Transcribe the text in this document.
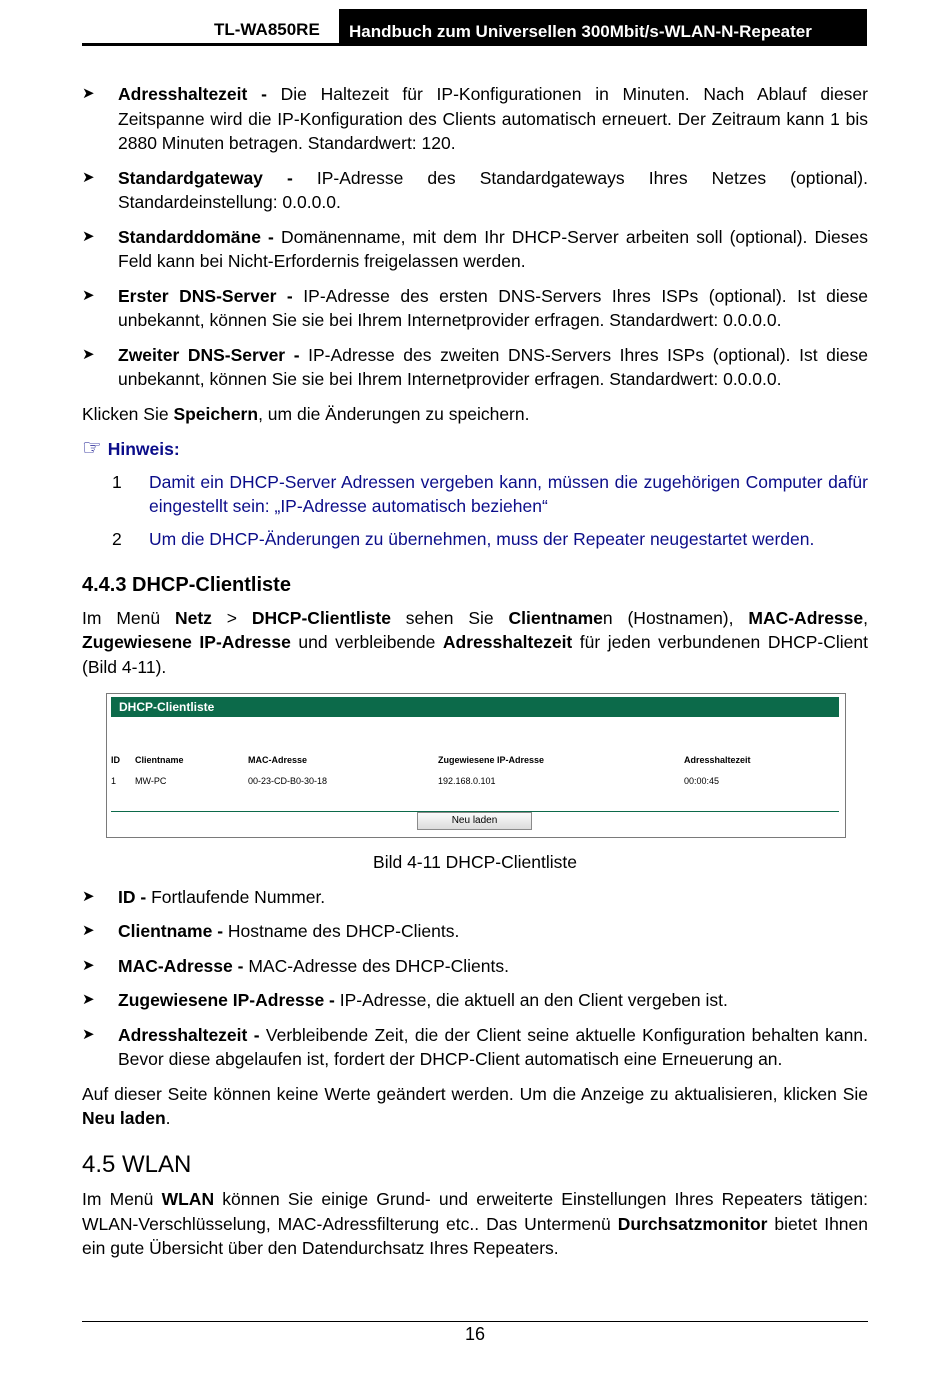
TL-WA850RE	Handbuch zum Universellen 300Mbit/s-WLAN-N-Repeater
➤ Adresshaltezeit - Die Haltezeit für IP-Konfigurationen in Minuten. Nach Ablauf dieser Zeitspanne wird die IP-Konfiguration des Clients automatisch erneuert. Der Zeitraum kann 1 bis 2880 Minuten betragen. Standardwert: 120.
➤ Standardgateway - IP-Adresse des Standardgateways Ihres Netzes (optional). Standardeinstellung: 0.0.0.0.
➤ Standarddomäne - Domänenname, mit dem Ihr DHCP-Server arbeiten soll (optional). Dieses Feld kann bei Nicht-Erfordernis freigelassen werden.
➤ Erster DNS-Server - IP-Adresse des ersten DNS-Servers Ihres ISPs (optional). Ist diese unbekannt, können Sie sie bei Ihrem Internetprovider erfragen. Standardwert: 0.0.0.0.
➤ Zweiter DNS-Server - IP-Adresse des zweiten DNS-Servers Ihres ISPs (optional). Ist diese unbekannt, können Sie sie bei Ihrem Internetprovider erfragen. Standardwert: 0.0.0.0.
Klicken Sie Speichern, um die Änderungen zu speichern.
☞ Hinweis:
1 Damit ein DHCP-Server Adressen vergeben kann, müssen die zugehörigen Computer dafür eingestellt sein: „IP-Adresse automatisch beziehen“
2 Um die DHCP-Änderungen zu übernehmen, muss der Repeater neugestartet werden.
4.4.3 DHCP-Clientliste
Im Menü Netz > DHCP-Clientliste sehen Sie Clientnamen (Hostnamen), MAC-Adresse, Zugewiesene IP-Adresse und verbleibende Adresshaltezeit für jeden verbundenen DHCP-Client (Bild 4-11).
DHCP-Clientliste
ID Clientname	MAC-Adresse	Zugewiesene IP-Adresse	Adresshaltezeit
1 MW-PC	00-23-CD-B0-30-18	192.168.0.101	00:00:45
Neu laden
Bild 4-11 DHCP-Clientliste
➤ ID - Fortlaufende Nummer.
➤ Clientname - Hostname des DHCP-Clients.
➤ MAC-Adresse - MAC-Adresse des DHCP-Clients.
➤ Zugewiesene IP-Adresse - IP-Adresse, die aktuell an den Client vergeben ist.
➤ Adresshaltezeit - Verbleibende Zeit, die der Client seine aktuelle Konfiguration behalten kann. Bevor diese abgelaufen ist, fordert der DHCP-Client automatisch eine Erneuerung an.
Auf dieser Seite können keine Werte geändert werden. Um die Anzeige zu aktualisieren, klicken Sie Neu laden.
4.5 WLAN
Im Menü WLAN können Sie einige Grund- und erweiterte Einstellungen Ihres Repeaters tätigen: WLAN-Verschlüsselung, MAC-Adressfilterung etc.. Das Untermenü Durchsatzmonitor bietet Ihnen ein gute Übersicht über den Datendurchsatz Ihres Repeaters.
16
